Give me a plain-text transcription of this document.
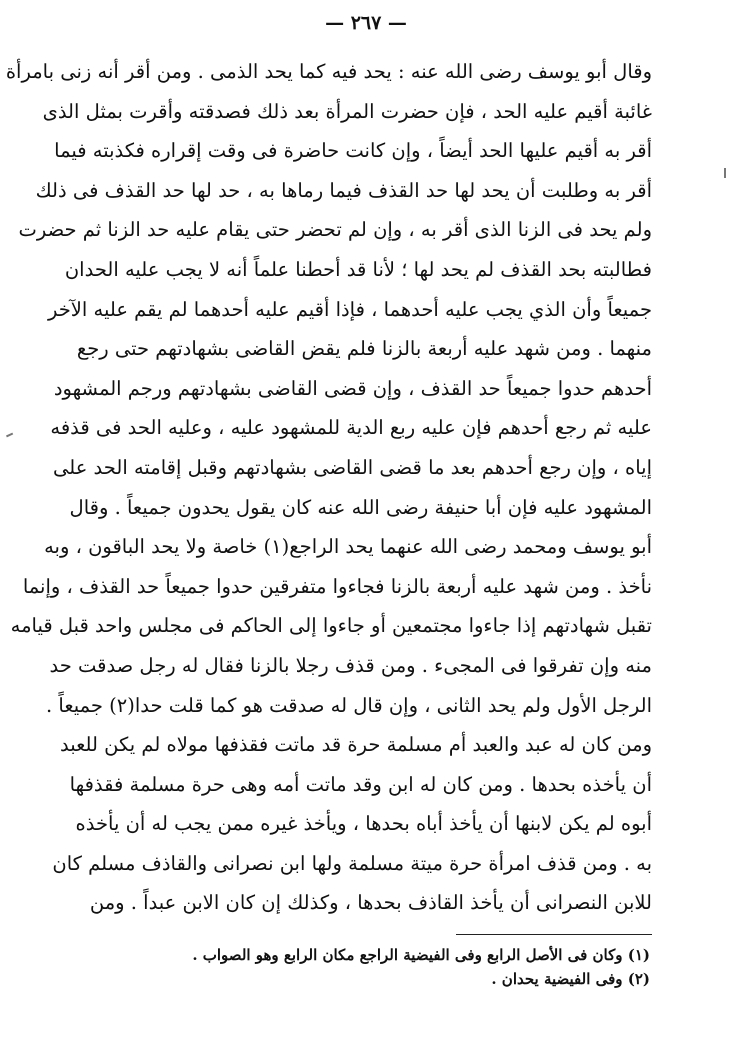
— ٢٦٧ —
وقال أبو يوسف رضى الله عنه : يحد فيه كما يحد الذمى . ومن أقر أنه زنى بامرأة
غائبة أقيم عليه الحد ، فإن حضرت المرأة بعد ذلك فصدقته وأقرت بمثل الذى
أقر به أقيم عليها الحد أيضاً ، وإن كانت حاضرة فى وقت إقراره فكذبته فيما
أقر به وطلبت أن يحد لها حد القذف فيما رماها به ، حد لها حد القذف فى ذلك
ولم يحد فى الزنا الذى أقر به ، وإن لم تحضر حتى يقام عليه حد الزنا ثم حضرت
فطالبته بحد القذف لم يحد لها ؛ لأنا قد أحطنا علماً أنه لا يجب عليه الحدان
جميعاً وأن الذي يجب عليه أحدهما ، فإذا أقيم عليه أحدهما لم يقم عليه الآخر
منهما . ومن شهد عليه أربعة بالزنا فلم يقض القاضى بشهادتهم حتى رجع
أحدهم حدوا جميعاً حد القذف ، وإن قضى القاضى بشهادتهم ورجم المشهود
عليه ثم رجع أحدهم فإن عليه ربع الدية للمشهود عليه ، وعليه الحد فى قذفه
إياه ، وإن رجع أحدهم بعد ما قضى القاضى بشهادتهم وقبل إقامته الحد على
المشهود عليه فإن أبا حنيفة رضى الله عنه كان يقول يحدون جميعاً . وقال
أبو يوسف ومحمد رضى الله عنهما يحد الراجع(١) خاصة ولا يحد الباقون ، وبه
نأخذ . ومن شهد عليه أربعة بالزنا فجاءوا متفرقين حدوا جميعاً حد القذف ، وإنما
تقبل شهادتهم إذا جاءوا مجتمعين أو جاءوا إلى الحاكم فى مجلس واحد قبل قيامه
منه وإن تفرقوا فى المجىء . ومن قذف رجلا بالزنا فقال له رجل صدقت حد
الرجل الأول ولم يحد الثانى ، وإن قال له صدقت هو كما قلت حدا(٢) جميعاً .
ومن كان له عبد والعبد أم مسلمة حرة قد ماتت فقذفها مولاه لم يكن للعبد
أن يأخذه بحدها . ومن كان له ابن وقد ماتت أمه وهى حرة مسلمة فقذفها
أبوه لم يكن لابنها أن يأخذ أباه بحدها ، ويأخذ غيره ممن يجب له أن يأخذه
به . ومن قذف امرأة حرة ميتة مسلمة ولها ابن نصرانى والقاذف مسلم كان
للابن النصرانى أن يأخذ القاذف بحدها ، وكذلك إن كان الابن عبداً . ومن
(١) وكان فى الأصل الرابع وفى الفيضية الراجع مكان الرابع وهو الصواب .
(٢) وفى الفيضية يحدان .
